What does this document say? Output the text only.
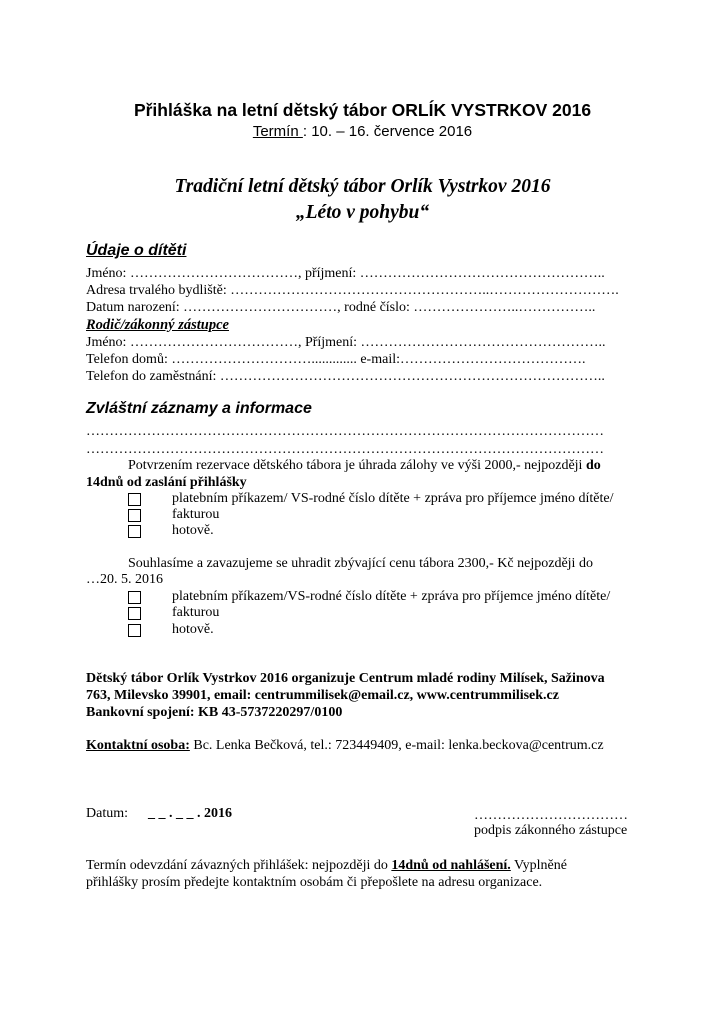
Přihláška na letní dětský tábor ORLÍK VYSTRKOV 2016
Termín : 10. – 16. července 2016
Tradiční letní dětský tábor Orlík Vystrkov 2016
„Léto v pohybu“
Údaje o dítěti
Jméno: ………………………………, příjmení: ……………………………………………..
Adresa trvalého bydliště: ………………………………………………..……………………….
Datum narození: ……………………………, rodné číslo: …………………..……………..
Rodič/zákonný zástupce
Jméno: ………………………………, Příjmení: ……………………………………………..
Telefon domů: …………………………............. e-mail:………………………………….
Telefon do zaměstnání: ………………………………………………………………………..
Zvláštní záznamy a informace
…………………………………………………………………………………………………
…………………………………………………………………………………………………
Potvrzením rezervace dětského tábora je úhrada zálohy ve výši 2000,- nejpozději do
14dnů od zaslání přihlášky
platebním příkazem/ VS-rodné číslo dítěte + zpráva pro příjemce jméno dítěte/
fakturou
hotově.
Souhlasíme a zavazujeme se uhradit zbývající cenu tábora 2300,- Kč nejpozději do
…20. 5. 2016
platebním příkazem/VS-rodné číslo dítěte + zpráva pro příjemce jméno dítěte/
fakturou
hotově.
Dětský tábor Orlík Vystrkov 2016 organizuje Centrum mladé rodiny Milísek, Sažinova
763, Milevsko 39901, email: centrummilisek@email.cz, www.centrummilisek.cz
Bankovní spojení: KB 43-5737220297/0100
Kontaktní osoba: Bc. Lenka Bečková, tel.: 723449409, e-mail: lenka.beckova@centrum.cz
Datum: _ _ . _ _ . 2016	……………………………
podpis zákonného zástupce
Termín odevzdání závazných přihlášek: nejpozději do 14dnů od nahlášení. Vyplněné
přihlášky prosím předejte kontaktním osobám či přepošlete na adresu organizace.
